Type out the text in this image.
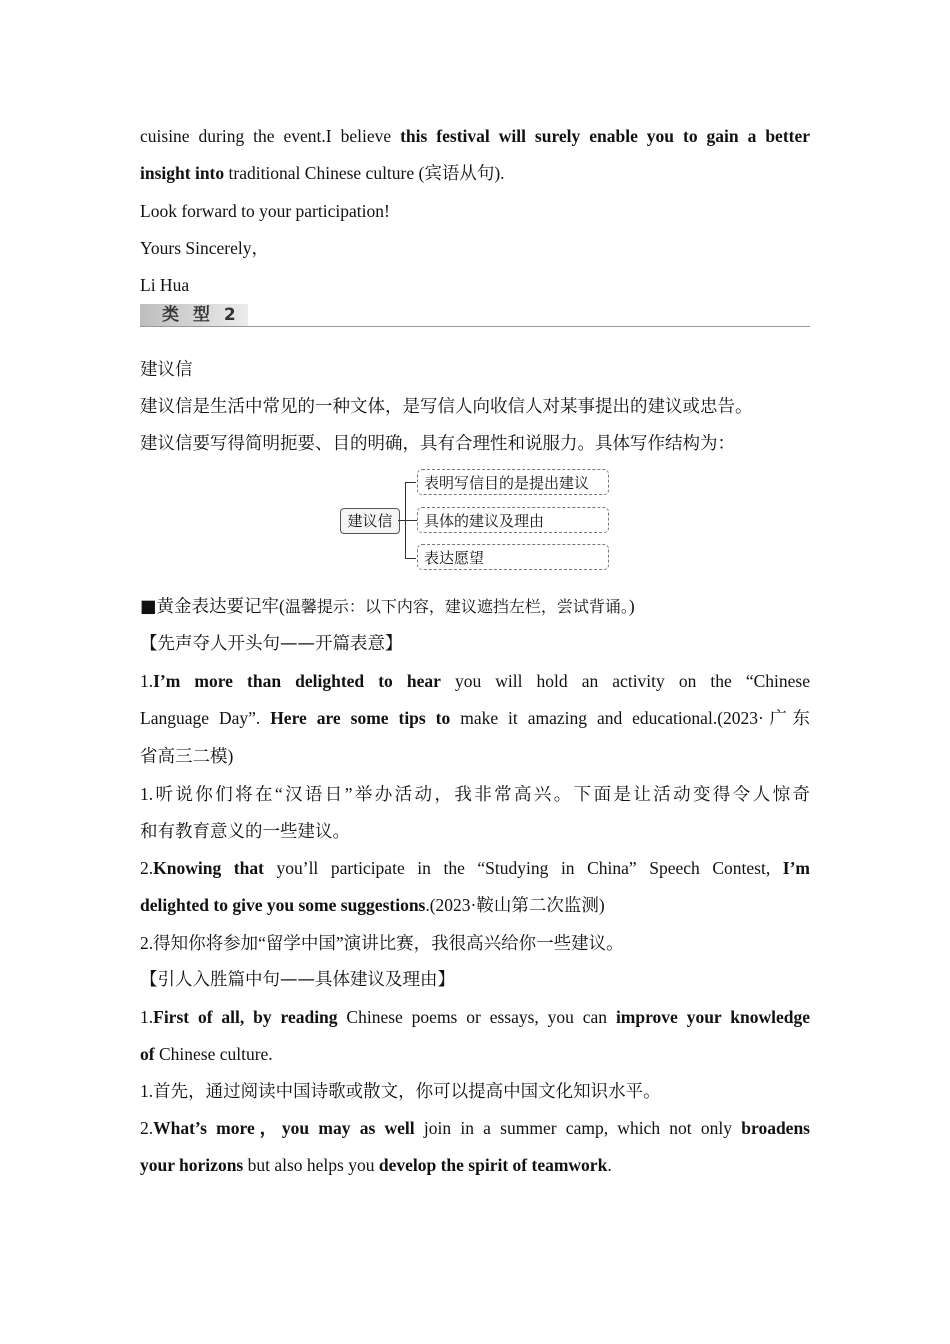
cuisine during the event.I believe this festival will surely enable you to gain a better

insight into traditional Chinese culture (宾语从句).

Look forward to your participation!

Yours Sincerely，

Li Hua

类 型 2

建议信

建议信是生活中常见的一种文体，是写信人向收信人对某事提出的建议或忠告。

建议信要写得简明扼要、目的明确，具有合理性和说服力。具体写作结构为：

建议信
表明写信目的是提出建议
具体的建议及理由
表达愿望

■黄金表达要记牢(温馨提示：以下内容，建议遮挡左栏，尝试背诵。)

【先声夺人开头句——开篇表意】

1.I’m more than delighted to hear you will hold an activity on the “Chinese

Language Day”. Here are some tips to make it amazing and educational.(2023·广东

省高三二模)

1.听说你们将在“汉语日”举办活动，我非常高兴。下面是让活动变得令人惊奇

和有教育意义的一些建议。

2.Knowing that you’ll participate in the “Studying in China” Speech Contest, I’m

delighted to give you some suggestions.(2023·鞍山第二次监测)

2.得知你将参加“留学中国”演讲比赛，我很高兴给你一些建议。

【引人入胜篇中句——具体建议及理由】

1.First of all, by reading Chinese poems or essays, you can improve your knowledge

of Chinese culture.

1.首先，通过阅读中国诗歌或散文，你可以提高中国文化知识水平。

2.What’s more，you may as well join in a summer camp, which not only broadens

your horizons but also helps you develop the spirit of teamwork.
